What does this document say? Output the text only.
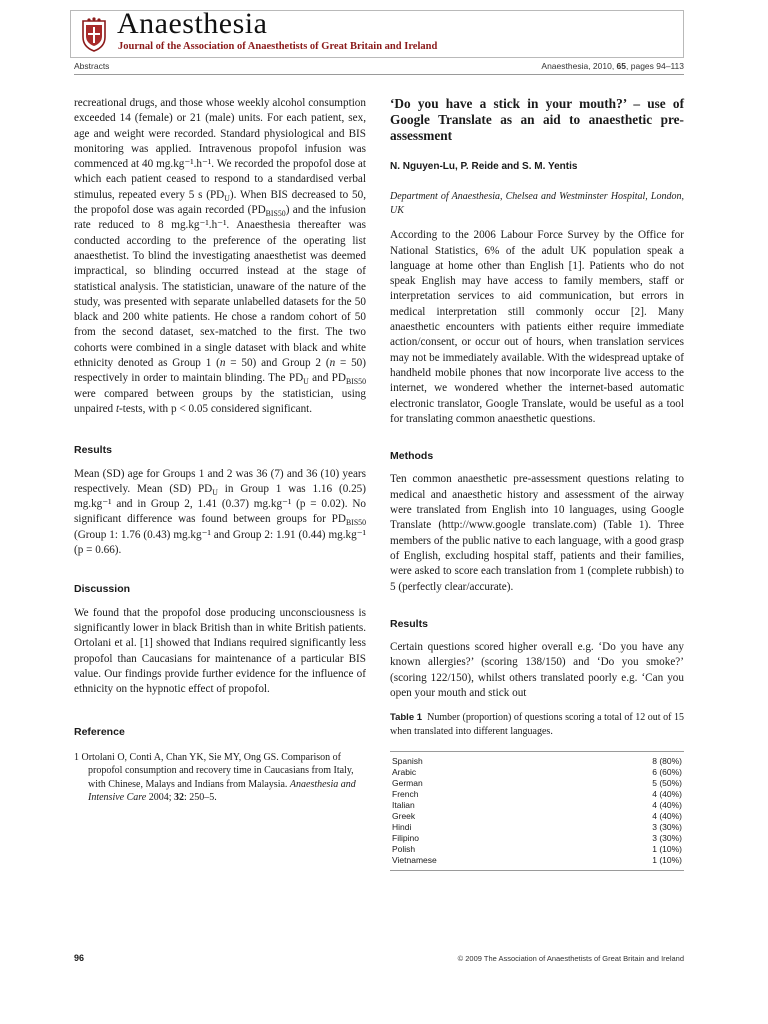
Anaesthesia
Journal of the Association of Anaesthetists of Great Britain and Ireland
Abstracts	Anaesthesia, 2010, 65, pages 94–113

recreational drugs, and those whose weekly alcohol consumption exceeded 14 (female) or 21 (male) units. For each patient, sex, age and weight were recorded. Standard physiological and BIS monitoring was applied. Intravenous propofol infusion was commenced at 40 mg.kg⁻¹.h⁻¹. We recorded the propofol dose at which each patient ceased to respond to a standardised verbal stimulus, repeated every 5 s $(PD_U)$. When BIS decreased to 50, the propofol dose was again recorded $(PD_{BIS50})$ and the infusion rate reduced to 8 mg.kg⁻¹.h⁻¹. Anaesthesia thereafter was conducted according to the preference of the operating list anaesthetist. To blind the investigating anaesthetist was deemed impractical, so blinding occurred instead at the stage of statistical analysis. The statistician, unaware of the nature of the study, was presented with separate unlabelled datasets for the 50 black and 200 white patients. He chose a random cohort of 50 from the second dataset, sex-matched to the first. The two cohorts were combined in a single dataset with black and white ethnicity denoted as Group 1 (n = 50) and Group 2 (n = 50) respectively in order to maintain blinding. The $PD_U$ and $PD_{BIS50}$ were compared between groups by the statistician, using unpaired t-tests, with p < 0.05 considered significant.

Results

Mean (SD) age for Groups 1 and 2 was 36 (7) and 36 (10) years respectively. Mean (SD) $PD_U$ in Group 1 was 1.16 (0.25) mg.kg⁻¹ and in Group 2, 1.41 (0.37) mg.kg⁻¹ (p = 0.02). No significant difference was found between groups for $PD_{BIS50}$ (Group 1: 1.76 (0.43) mg.kg⁻¹ and Group 2: 1.91 (0.44) mg.kg⁻¹ (p = 0.66).

Discussion

We found that the propofol dose producing unconsciousness is significantly lower in black British than in white British patients. Ortolani et al. [1] showed that Indians required significantly less propofol than Caucasians for maintenance of a particular BIS value. Our findings provide further evidence for the influence of ethnicity on the hypnotic effect of propofol.

Reference

1 Ortolani O, Conti A, Chan YK, Sie MY, Ong GS. Comparison of propofol consumption and recovery time in Caucasians from Italy, with Chinese, Malays and Indians from Malaysia. Anaesthesia and Intensive Care 2004; 32: 250–5.

‘Do you have a stick in your mouth?’ – use of Google Translate as an aid to anaesthetic pre-assessment

N. Nguyen-Lu, P. Reide and S. M. Yentis

Department of Anaesthesia, Chelsea and Westminster Hospital, London, UK

According to the 2006 Labour Force Survey by the Office for National Statistics, 6% of the adult UK population speak a language at home other than English [1]. Patients who do not speak English may have access to family members, staff or interpretation services to aid communication, but errors in medical interpretation still commonly occur [2]. Many anaesthetic encounters with patients either require immediate action/consent, or occur out of hours, when translation services may not be immediately available. With the widespread uptake of handheld mobile phones that now incorporate live access to the internet, we wondered whether the internet-based automatic electronic translator, Google Translate, would be useful as a tool for translating common anaesthetic questions.

Methods

Ten common anaesthetic pre-assessment questions relating to medical and anaesthetic history and assessment of the airway were translated from English into 10 languages, using Google Translate (http://www.google translate.com) (Table 1). Three members of the public native to each language, with a good grasp of English, excluding hospital staff, patients and their families, were asked to score each translation from 1 (complete rubbish) to 5 (perfectly clear/accurate).

Results

Certain questions scored higher overall e.g. ‘Do you have any known allergies?’ (scoring 138/150) and ‘Do you smoke?’ (scoring 122/150), whilst others translated poorly e.g. ‘Can you open your mouth and stick out

Table 1 Number (proportion) of questions scoring a total of 12 out of 15 when translated into different languages.

Spanish	8 (80%)
Arabic	6 (60%)
German	5 (50%)
French	4 (40%)
Italian	4 (40%)
Greek	4 (40%)
Hindi	3 (30%)
Filipino	3 (30%)
Polish	1 (10%)
Vietnamese	1 (10%)
96	© 2009 The Association of Anaesthetists of Great Britain and Ireland
